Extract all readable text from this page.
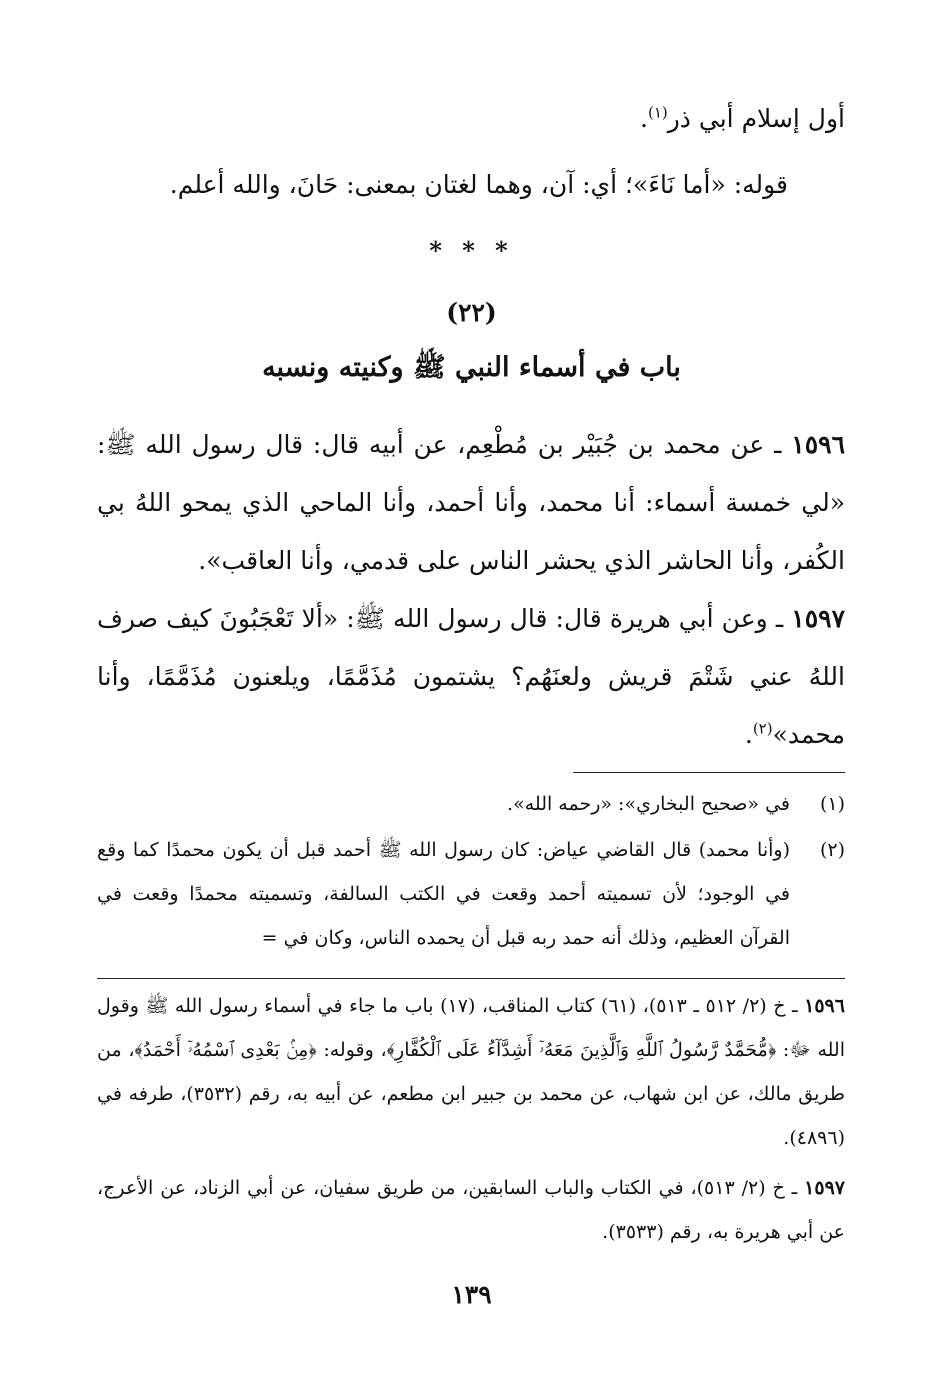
أول إسلام أبي ذر$^{(١)}$.
قوله: «أما نَاءَ»؛ أي: آن، وهما لغتان بمعنى: حَانَ، والله أعلم.
* * *
(٢٢)
باب في أسماء النبي ﷺ وكنيته ونسبه
١٥٩٦ ـ عن محمد بن جُبَيْر بن مُطْعِم، عن أبيه قال: قال رسول الله ﷺ: «لي خمسة أسماء: أنا محمد، وأنا أحمد، وأنا الماحي الذي يمحو اللهُ بي الكُفر، وأنا الحاشر الذي يحشر الناس على قدمي، وأنا العاقب».
١٥٩٧ ـ وعن أبي هريرة قال: قال رسول الله ﷺ: «ألا تَعْجَبُونَ كيف صرف اللهُ عني شَتْمَ قريش ولعنَهُم؟ يشتمون مُذَمَّمًا، ويلعنون مُذَمَّمًا، وأنا محمد»$^{(٢)}$.
(١)
في «صحيح البخاري»: «رحمه الله».
(٢)
(وأنا محمد) قال القاضي عياض: كان رسول الله ﷺ أحمد قبل أن يكون محمدًا كما وقع في الوجود؛ لأن تسميته أحمد وقعت في الكتب السالفة، وتسميته محمدًا وقعت في القرآن العظيم، وذلك أنه حمد ربه قبل أن يحمده الناس، وكان في =
١٥٩٦ ـ خ (٢/ ٥١٢ ـ ٥١٣)، (٦١) كتاب المناقب، (١٧) باب ما جاء في أسماء رسول الله ﷺ وقول الله ﷻ: ﴿مُّحَمَّدٌ رَّسُولُ ٱللَّهِ وَٱلَّذِينَ مَعَهُۥٓ أَشِدَّآءُ عَلَى ٱلْكُفَّارِ﴾، وقوله: ﴿مِنۢ بَعْدِى ٱسْمُهُۥٓ أَحْمَدُ﴾، من طريق مالك، عن ابن شهاب، عن محمد بن جبير ابن مطعم، عن أبيه به، رقم (٣٥٣٢)، طرفه في (٤٨٩٦).
١٥٩٧ ـ خ (٢/ ٥١٣)، في الكتاب والباب السابقين، من طريق سفيان، عن أبي الزناد، عن الأعرج، عن أبي هريرة به، رقم (٣٥٣٣).
١٣٩
